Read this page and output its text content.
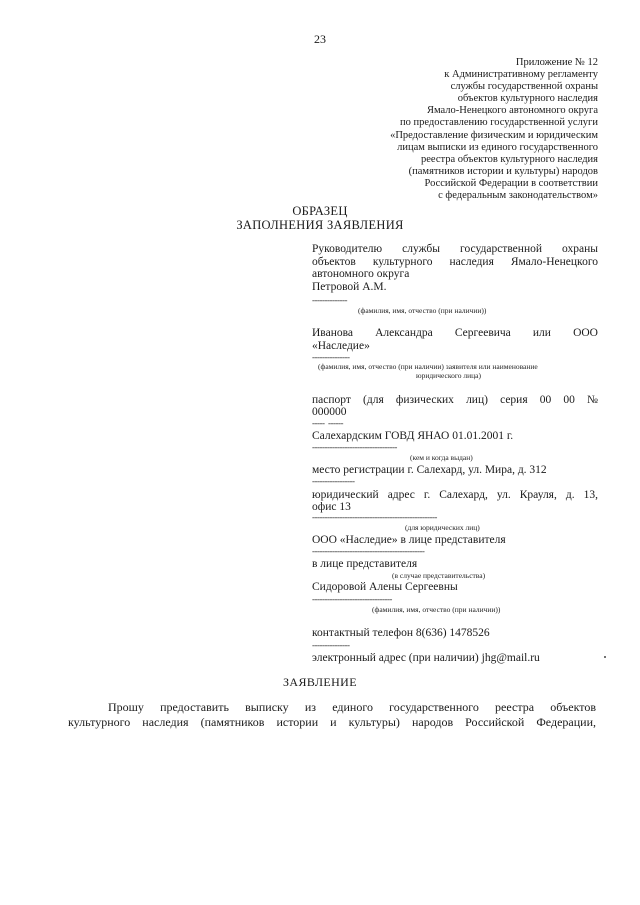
23
Приложение № 12
к Административному регламенту
службы государственной охраны
объектов культурного наследия
Ямало-Ненецкого автономного округа
по предоставлению государственной услуги
«Предоставление физическим и юридическим
лицам выписки из единого государственного
реестра объектов культурного наследия
(памятников истории и культуры) народов
Российской Федерации в соответствии
с федеральным законодательством»
ОБРАЗЕЦ
ЗАПОЛНЕНИЯ ЗАЯВЛЕНИЯ
Руководителю службы государственной охраны
объектов культурного наследия Ямало-Ненецкого
автономного округа
Петровой А.М.
--------------
(фамилия, имя, отчество (при наличии))
Иванова Александра Сергеевича или ООО
«Наследие»
---------------
(фамилия, имя, отчество (при наличии) заявителя или наименование
юридического лица)
паспорт (для физических лиц) серия 00 00 №
000000
-----  ------
Салехардским ГОВД ЯНАО 01.01.2001 г.
----------------------------------
(кем и когда выдан)
место регистрации г. Салехард, ул. Мира, д. 312
-----------------
юридический адрес г. Салехард, ул. Крауля, д. 13,
офис 13
--------------------------------------------------
(для юридических лиц)
ООО «Наследие» в лице представителя
---------------------------------------------
в лице представителя
(в случае представительства)
Сидоровой Алены Сергеевны
--------------------------------
(фамилия, имя, отчество (при наличии))
контактный телефон 8(636) 1478526
---------------
электронный адрес (при наличии) jhg@mail.ru
ЗАЯВЛЕНИЕ
Прошу предоставить выписку из единого государственного реестра объектов
культурного наследия (памятников истории и культуры) народов Российской Федерации,
